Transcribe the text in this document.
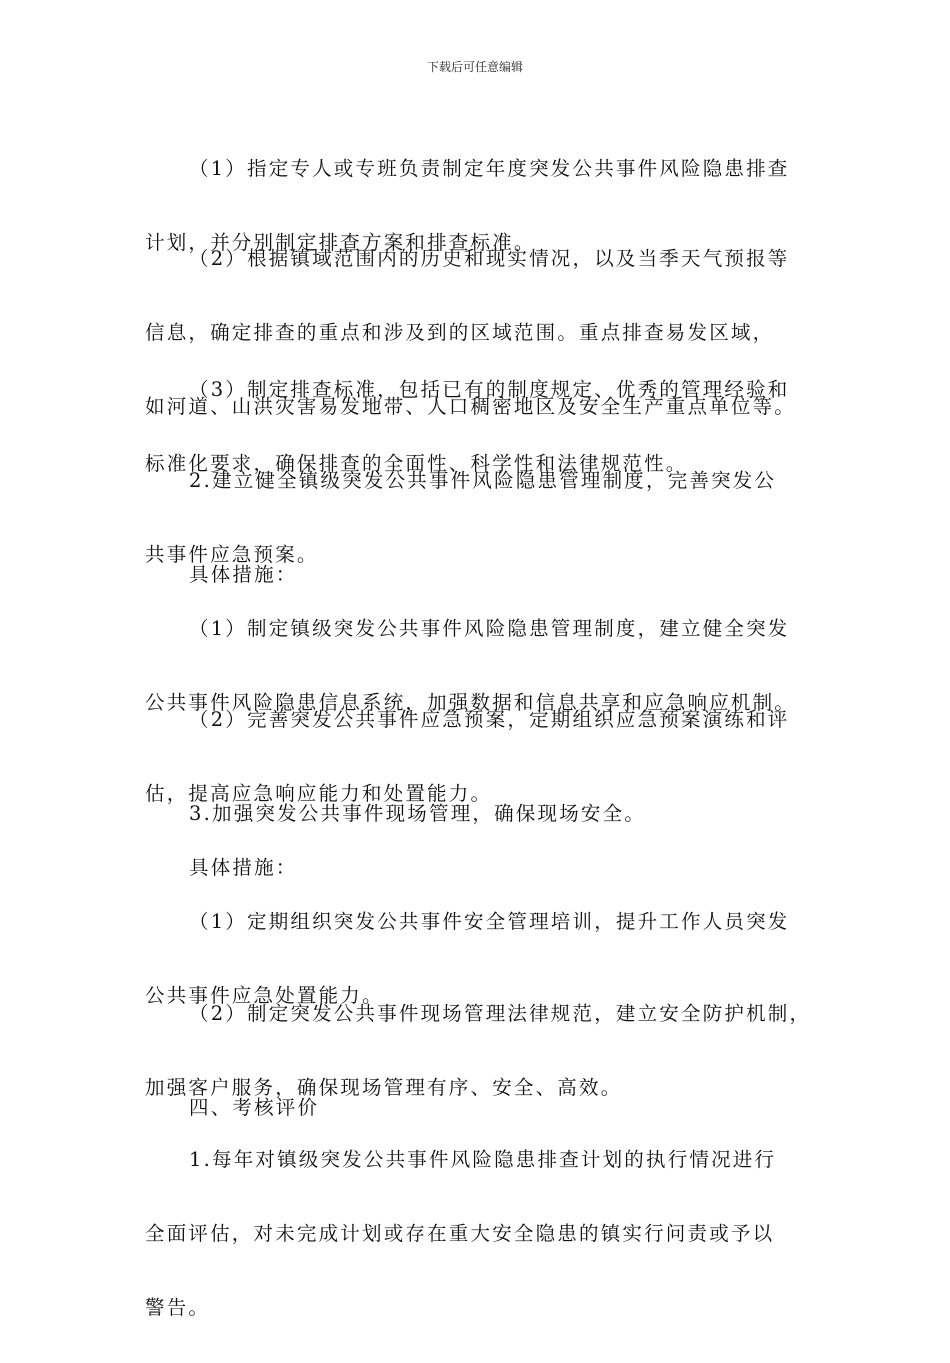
下载后可任意编辑

（1）指定专人或专班负责制定年度突发公共事件风险隐患排查

计划，并分别制定排查方案和排查标准。

（2）根据镇域范围内的历史和现实情况，以及当季天气预报等

信息，确定排查的重点和涉及到的区域范围。重点排查易发区域，

如河道、山洪灾害易发地带、人口稠密地区及安全生产重点单位等。

（3）制定排查标准，包括已有的制度规定、优秀的管理经验和

标准化要求，确保排查的全面性、科学性和法律规范性。

2.建立健全镇级突发公共事件风险隐患管理制度，完善突发公

共事件应急预案。

具体措施：

（1）制定镇级突发公共事件风险隐患管理制度，建立健全突发

公共事件风险隐患信息系统，加强数据和信息共享和应急响应机制。

（2）完善突发公共事件应急预案，定期组织应急预案演练和评

估，提高应急响应能力和处置能力。

3.加强突发公共事件现场管理，确保现场安全。

具体措施：

（1）定期组织突发公共事件安全管理培训，提升工作人员突发

公共事件应急处置能力。

（2）制定突发公共事件现场管理法律规范，建立安全防护机制，

加强客户服务，确保现场管理有序、安全、高效。

四、考核评价

1.每年对镇级突发公共事件风险隐患排查计划的执行情况进行

全面评估，对未完成计划或存在重大安全隐患的镇实行问责或予以

警告。
